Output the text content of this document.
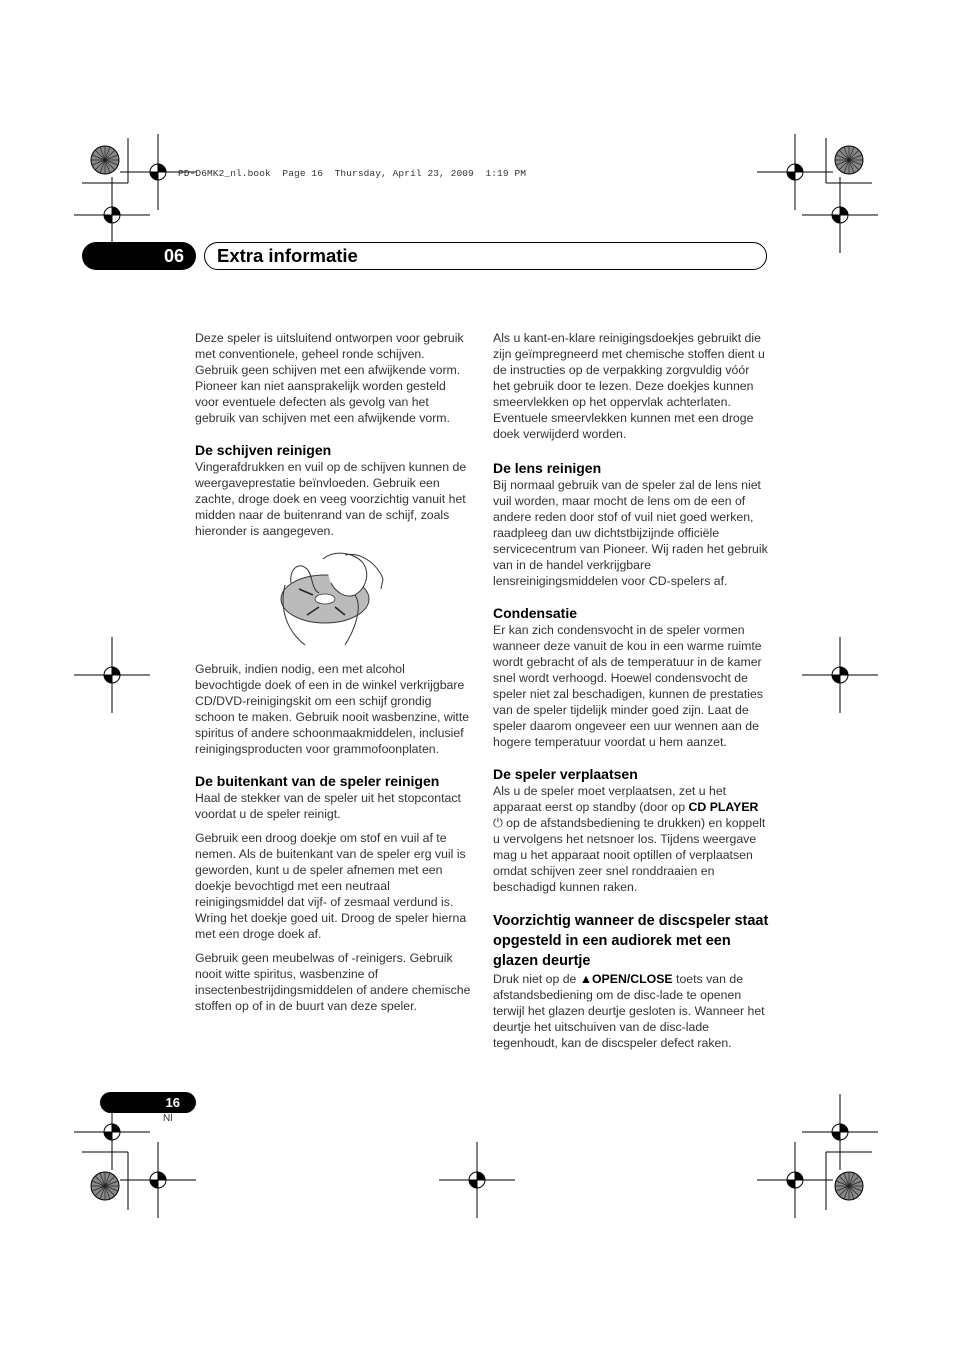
PD-D6MK2_nl.book  Page 16  Thursday, April 23, 2009  1:19 PM
06	Extra informatie

Deze speler is uitsluitend ontworpen voor gebruik met conventionele, geheel ronde schijven. Gebruik geen schijven met een afwijkende vorm. Pioneer kan niet aansprakelijk worden gesteld voor eventuele defecten als gevolg van het gebruik van schijven met een afwijkende vorm.

De schijven reinigen

Vingerafdrukken en vuil op de schijven kunnen de weergaveprestatie beïnvloeden. Gebruik een zachte, droge doek en veeg voorzichtig vanuit het midden naar de buitenrand van de schijf, zoals hieronder is aangegeven.

Gebruik, indien nodig, een met alcohol bevochtigde doek of een in de winkel verkrijgbare CD/DVD-reinigingskit om een schijf grondig schoon te maken. Gebruik nooit wasbenzine, witte spiritus of andere schoonmaakmiddelen, inclusief reinigingsproducten voor grammofoonplaten.

De buitenkant van de speler reinigen

Haal de stekker van de speler uit het stopcontact voordat u de speler reinigt.

Gebruik een droog doekje om stof en vuil af te nemen. Als de buitenkant van de speler erg vuil is geworden, kunt u de speler afnemen met een doekje bevochtigd met een neutraal reinigingsmiddel dat vijf- of zesmaal verdund is. Wring het doekje goed uit. Droog de speler hierna met een droge doek af.

Gebruik geen meubelwas of -reinigers. Gebruik nooit witte spiritus, wasbenzine of insectenbestrijdingsmiddelen of andere chemische stoffen op of in de buurt van deze speler.

Als u kant-en-klare reinigingsdoekjes gebruikt die zijn geïmpregneerd met chemische stoffen dient u de instructies op de verpakking zorgvuldig vóór het gebruik door te lezen. Deze doekjes kunnen smeervlekken op het oppervlak achterlaten. Eventuele smeervlekken kunnen met een droge doek verwijderd worden.

De lens reinigen

Bij normaal gebruik van de speler zal de lens niet vuil worden, maar mocht de lens om de een of andere reden door stof of vuil niet goed werken, raadpleeg dan uw dichtstbijzijnde officiële servicecentrum van Pioneer. Wij raden het gebruik van in de handel verkrijgbare lensreinigingsmiddelen voor CD-spelers af.

Condensatie

Er kan zich condensvocht in de speler vormen wanneer deze vanuit de kou in een warme ruimte wordt gebracht of als de temperatuur in de kamer snel wordt verhoogd. Hoewel condensvocht de speler niet zal beschadigen, kunnen de prestaties van de speler tijdelijk minder goed zijn. Laat de speler daarom ongeveer een uur wennen aan de hogere temperatuur voordat u hem aanzet.

De speler verplaatsen

Als u de speler moet verplaatsen, zet u het apparaat eerst op standby (door op CD PLAYER ⏻ op de afstandsbediening te drukken) en koppelt u vervolgens het netsnoer los. Tijdens weergave mag u het apparaat nooit optillen of verplaatsen omdat schijven zeer snel ronddraaien en beschadigd kunnen raken.

Voorzichtig wanneer de discspeler staat opgesteld in een audiorek met een glazen deurtje

Druk niet op de ▲OPEN/CLOSE toets van de afstandsbediening om de disc-lade te openen terwijl het glazen deurtje gesloten is. Wanneer het deurtje het uitschuiven van de disc-lade tegenhoudt, kan de discspeler defect raken.

16
Nl
